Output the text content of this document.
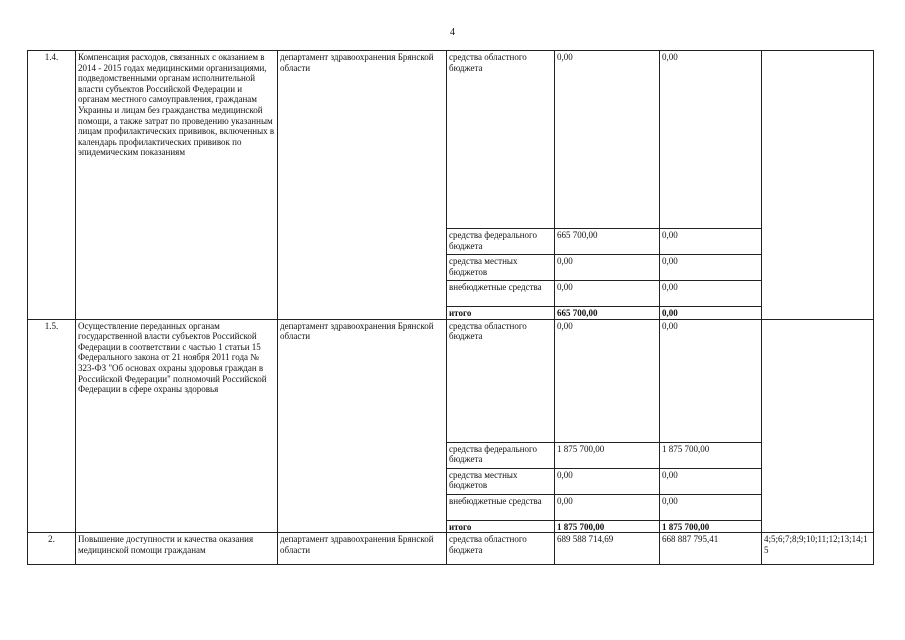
4
1.4.	Компенсация расходов, связанных с оказанием в 2014 - 2015 годах медицинскими организациями, подведомственными органам исполнительной власти субъектов Российской Федерации и органам местного самоуправления, гражданам Украины и лицам без гражданства медицинской помощи, а также затрат по проведению указанным лицам профилактических прививок, включенных в календарь профилактических прививок по эпидемическим показаниям	департамент здравоохранения Брянской области	средства областного бюджета	0,00	0,00	
			средства федерального бюджета	665 700,00	0,00	
			средства местных бюджетов	0,00	0,00	
			внебюджетные средства	0,00	0,00	
			итого	665 700,00	0,00	
1.5.	Осуществление переданных органам государственной власти субъектов Российской Федерации в соответствии с частью 1 статьи 15 Федерального закона от 21 ноября 2011 года № 323-ФЗ "Об основах охраны здоровья граждан в Российской Федерации" полномочий Российской Федерации в сфере охраны здоровья	департамент здравоохранения Брянской области	средства областного бюджета	0,00	0,00	
			средства федерального бюджета	1 875 700,00	1 875 700,00	
			средства местных бюджетов	0,00	0,00	
			внебюджетные средства	0,00	0,00	
			итого	1 875 700,00	1 875 700,00	
2.	Повышение доступности и качества оказания медицинской помощи гражданам	департамент здравоохранения Брянской области	средства областного бюджета	689 588 714,69	668 887 795,41	4;5;6;7;8;9;10;11;12;13;14;15
